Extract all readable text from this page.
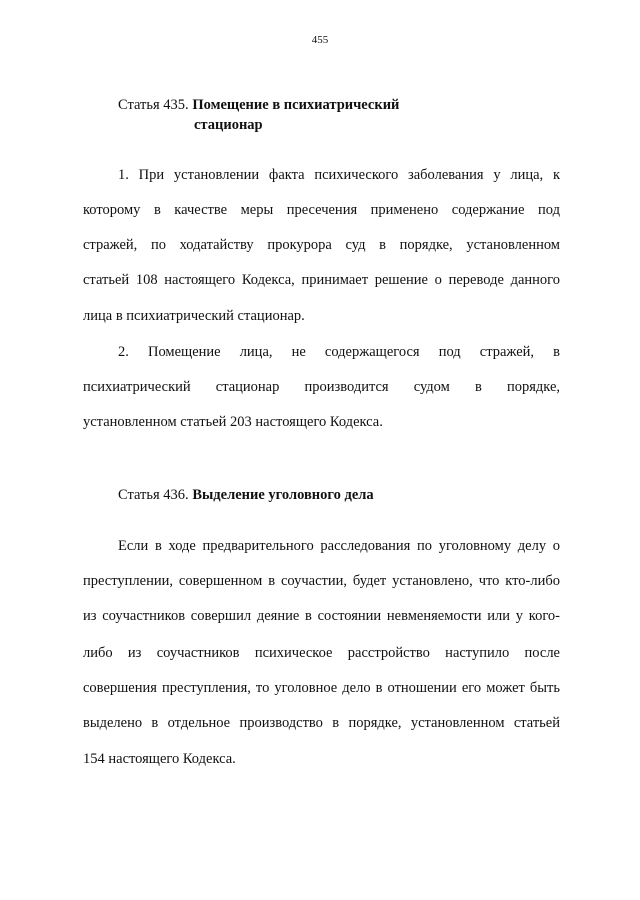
455
Статья 435. Помещение в психиатрический
стационар
1. При установлении факта психического заболевания у лица, к
которому в качестве меры пресечения применено содержание под
стражей, по ходатайству прокурора суд в порядке, установленном
статьей 108 настоящего Кодекса, принимает решение о переводе данного
лица в психиатрический стационар.
2. Помещение лица, не содержащегося под стражей, в
психиатрический стационар производится судом в порядке,
установленном статьей 203 настоящего Кодекса.
Статья 436. Выделение уголовного дела
Если в ходе предварительного расследования по уголовному делу о
преступлении, совершенном в соучастии, будет установлено, что кто-либо
из соучастников совершил деяние в состоянии невменяемости или у кого-
либо из соучастников психическое расстройство наступило после
совершения преступления, то уголовное дело в отношении его может быть
выделено в отдельное производство в порядке, установленном статьей
154 настоящего Кодекса.
